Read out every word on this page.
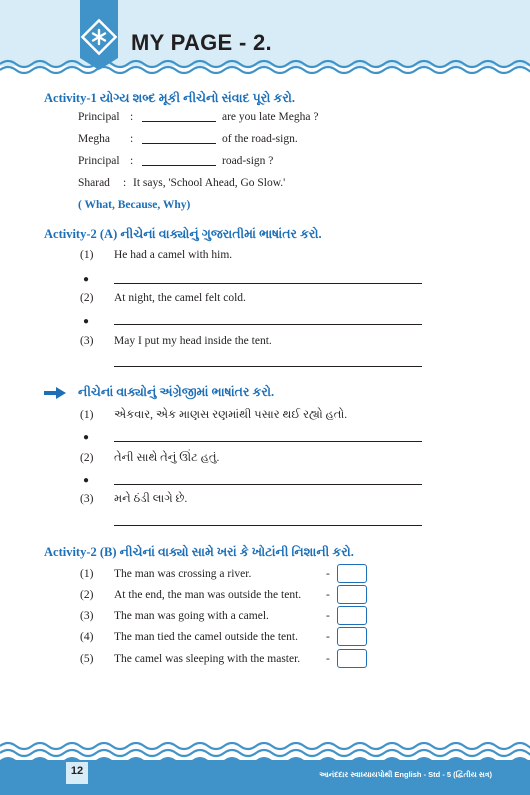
MY PAGE - 2.
Activity-1 યોગ્ય શબ્દ મૂકી નીચેનો સંવાદ પૂરો કરો.
Principal :	are you late Megha ?
Megha :	of the road-sign.
Principal :	road-sign ?
Sharad : It says, 'School Ahead, Go Slow.'
( What, Because, Why)
Activity-2 (A) નીચેનાં વાક્યોનું ગુજરાતીમાં ભાષાંતર કરો.
(1) He had a camel with him.
●
(2) At night, the camel felt cold.
●
(3) May I put my head inside the tent.
નીચેનાં વાક્યોનું અંગ્રેજીમાં ભાષાંતર કરો.
(1) એકવાર, એક માણસ રણમાંથી પસાર થઈ રહ્યો હતો.
●
(2) તેની સાથે તેનું ઊંટ હતું.
●
(3) મને ઠંડી લાગે છે.
Activity-2 (B) નીચેનાં વાક્યો સામે ખરાં કે ખોટાંની નિશાની કરો.
(1) The man was crossing a river.	-
(2) At the end, the man was outside the tent. -
(3) The man was going with a camel.	-
(4) The man tied the camel outside the tent. -
(5) The camel was sleeping with the master. -
12	આનંદદાર સ્વાધ્યાયપોથી English - Std - 5 (દ્વિતીય સત્ર)
